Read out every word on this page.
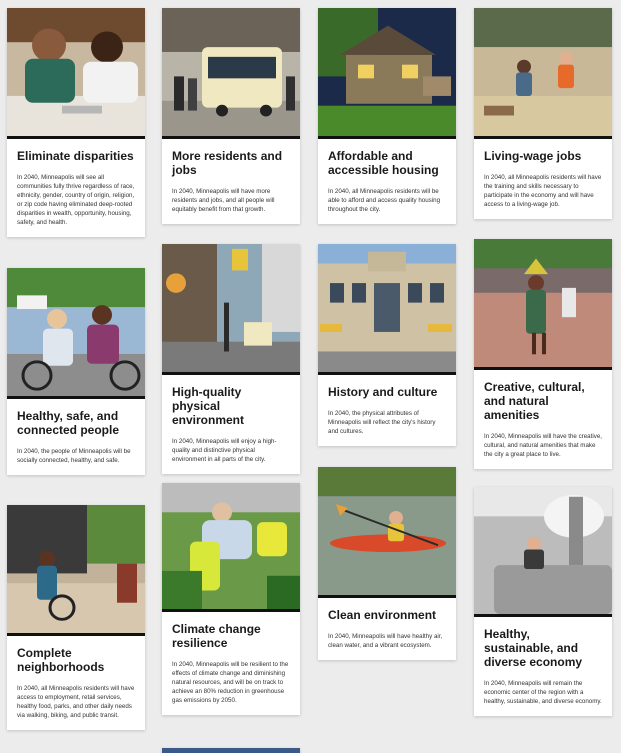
Eliminate disparities
In 2040, Minneapolis will see all communities fully thrive regardless of race, ethnicity, gender, country of origin, religion, or zip code having eliminated deep-rooted disparities in wealth, opportunity, housing, safety, and health.
Healthy, safe, and connected people
In 2040, the people of Minneapolis will be socially connected, healthy, and safe.
Complete neighborhoods
In 2040, all Minneapolis residents will have access to employment, retail services, healthy food, parks, and other daily needs via walking, biking, and public transit.
More residents and jobs
In 2040, Minneapolis will have more residents and jobs, and all people will equitably benefit from that growth.
High-quality physical environment
In 2040, Minneapolis will enjoy a high-quality and distinctive physical environment in all parts of the city.
Climate change resilience
In 2040, Minneapolis will be resilient to the effects of climate change and diminishing natural resources, and will be on track to achieve an 80% reduction in greenhouse gas emissions by 2050.
Affordable and accessible housing
In 2040, all Minneapolis residents will be able to afford and access quality housing throughout the city.
History and culture
In 2040, the physical attributes of Minneapolis will reflect the city's history and cultures.
Clean environment
In 2040, Minneapolis will have healthy air, clean water, and a vibrant ecosystem.
Living-wage jobs
In 2040, all Minneapolis residents will have the training and skills necessary to participate in the economy and will have access to a living-wage job.
Creative, cultural, and natural amenities
In 2040, Minneapolis will have the creative, cultural, and natural amenities that make the city a great place to live.
Healthy, sustainable, and diverse economy
In 2040, Minneapolis will remain the economic center of the region with a healthy, sustainable, and diverse economy.
